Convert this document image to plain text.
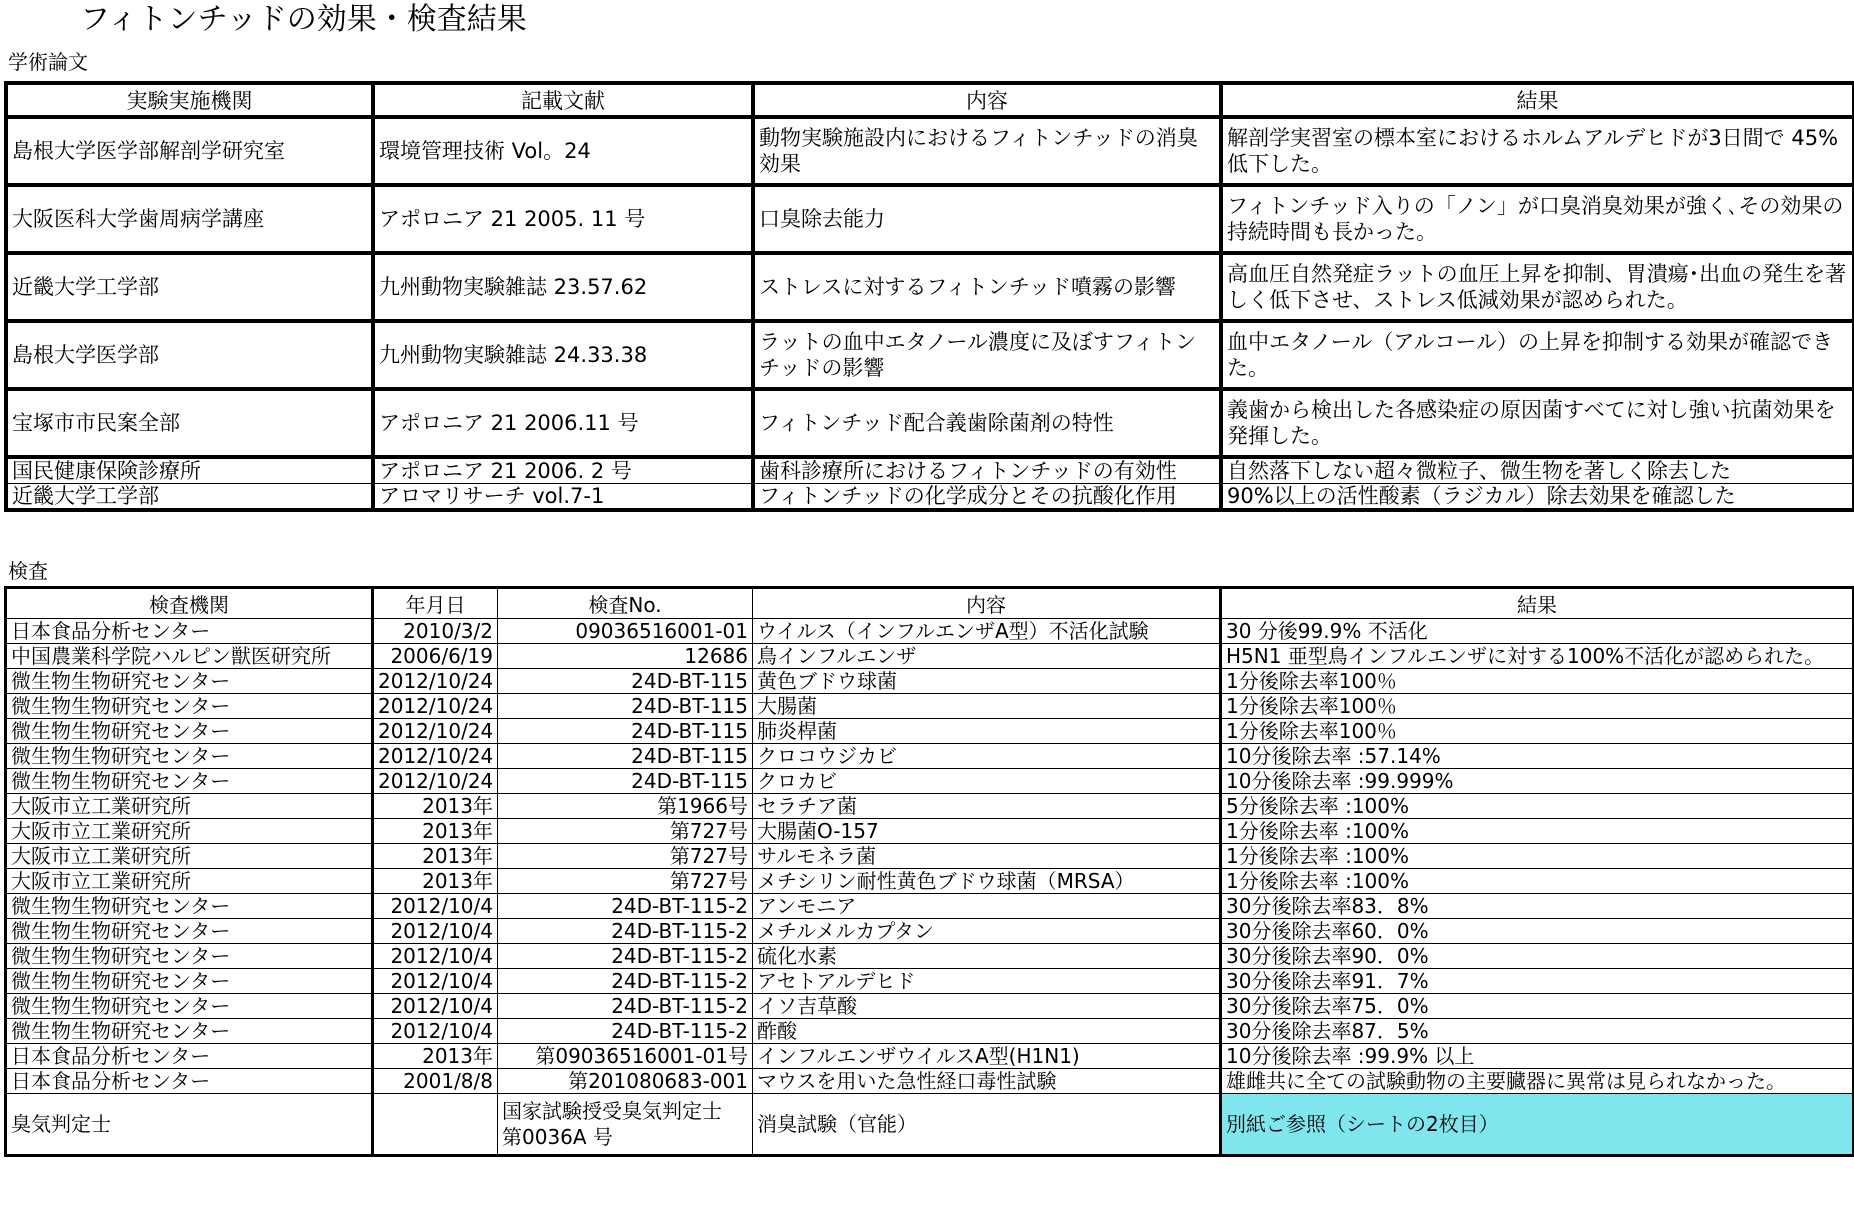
フィトンチッドの効果・検査結果
学術論文
実験実施機関	記載文献	内容	結果
島根大学医学部解剖学研究室	環境管理技術 Vol。24	動物実験施設内におけるフィトンチッドの消臭効果	解剖学実習室の標本室におけるホルムアルデヒドが3日間で 45%低下した。
大阪医科大学歯周病学講座	アポロニア 21 2005. 11 号	口臭除去能力	フィトンチッド入りの「ノン」が口臭消臭効果が強く､その効果の持続時間も長かった。
近畿大学工学部	九州動物実験雑誌 23.57.62	ストレスに対するフィトンチッド噴霧の影響	高血圧自然発症ラットの血圧上昇を抑制、胃潰瘍･出血の発生を著しく低下させ、ストレス低減効果が認められた。
島根大学医学部	九州動物実験雑誌 24.33.38	ラットの血中エタノール濃度に及ぼすフィトンチッドの影響	血中エタノール（アルコール）の上昇を抑制する効果が確認できた。
宝塚市市民案全部	アポロニア 21 2006.11 号	フィトンチッド配合義歯除菌剤の特性	義歯から検出した各感染症の原因菌すべてに対し強い抗菌効果を発揮した。
国民健康保険診療所	アポロニア 21 2006. 2 号	歯科診療所におけるフィトンチッドの有効性	自然落下しない超々微粒子、微生物を著しく除去した
近畿大学工学部	アロマリサーチ vol.7-1	フィトンチッドの化学成分とその抗酸化作用	90%以上の活性酸素（ラジカル）除去効果を確認した
検査
検査機関	年月日	検査No.	内容	結果
日本食品分析センター	2010/3/2	09036516001-01	ウイルス（インフルエンザA型）不活化試験	30 分後99.9% 不活化
中国農業科学院ハルピン獣医研究所	2006/6/19	12686	鳥インフルエンザ	H5N1 亜型鳥インフルエンザに対する100%不活化が認められた。
微生物生物研究センター	2012/10/24	24D-BT-115	黄色ブドウ球菌	1分後除去率100％
微生物生物研究センター	2012/10/24	24D-BT-115	大腸菌	1分後除去率100％
微生物生物研究センター	2012/10/24	24D-BT-115	肺炎桿菌	1分後除去率100％
微生物生物研究センター	2012/10/24	24D-BT-115	クロコウジカビ	10分後除去率 :57.14%
微生物生物研究センター	2012/10/24	24D-BT-115	クロカビ	10分後除去率 :99.999%
大阪市立工業研究所	2013年	第1966号	セラチア菌	5分後除去率 :100%
大阪市立工業研究所	2013年	第727号	大腸菌O-157	1分後除去率 :100%
大阪市立工業研究所	2013年	第727号	サルモネラ菌	1分後除去率 :100%
大阪市立工業研究所	2013年	第727号	メチシリン耐性黄色ブドウ球菌（MRSA）	1分後除去率 :100%
微生物生物研究センター	2012/10/4	24D-BT-115-2	アンモニア	30分後除去率83．8%
微生物生物研究センター	2012/10/4	24D-BT-115-2	メチルメルカプタン	30分後除去率60．0%
微生物生物研究センター	2012/10/4	24D-BT-115-2	硫化水素	30分後除去率90．0%
微生物生物研究センター	2012/10/4	24D-BT-115-2	アセトアルデヒド	30分後除去率91．7%
微生物生物研究センター	2012/10/4	24D-BT-115-2	イソ吉草酸	30分後除去率75．0%
微生物生物研究センター	2012/10/4	24D-BT-115-2	酢酸	30分後除去率87．5%
日本食品分析センター	2013年	第09036516001-01号	インフルエンザウイルスA型(H1N1)	10分後除去率 :99.9% 以上
日本食品分析センター	2001/8/8	第201080683-001	マウスを用いた急性経口毒性試験	雄雌共に全ての試験動物の主要臓器に異常は見られなかった。
臭気判定士		国家試験授受臭気判定士 第0036A 号	消臭試験（官能）	別紙ご参照（シートの2枚目）
